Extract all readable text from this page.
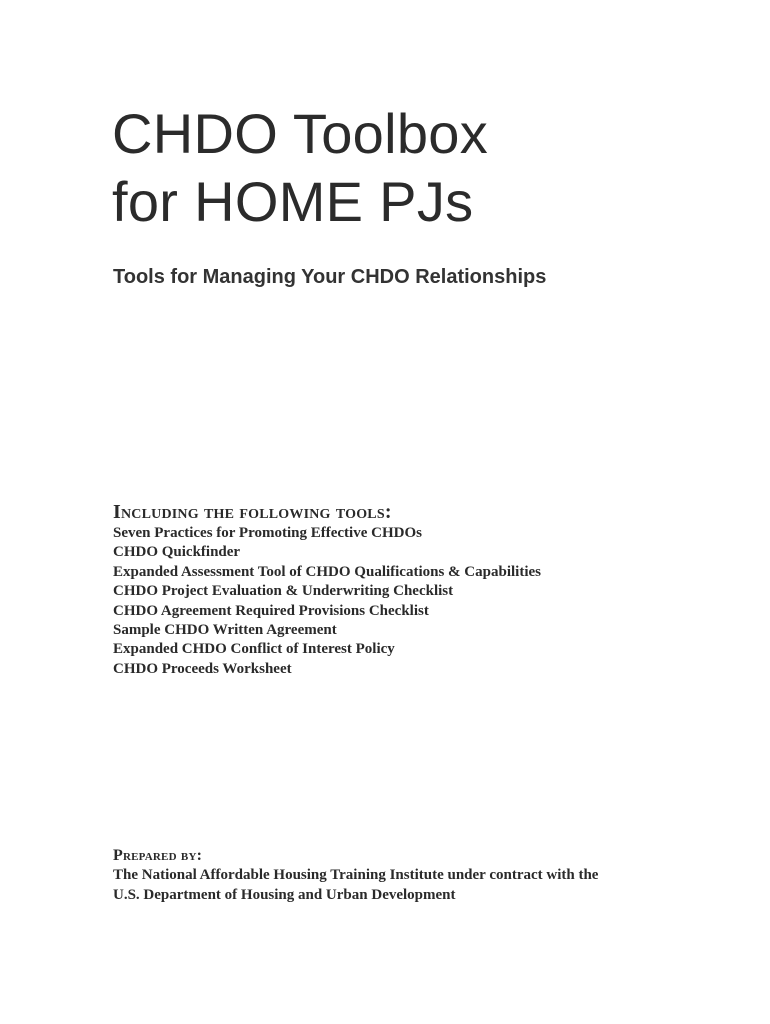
CHDO Toolbox
for HOME PJs
Tools for Managing Your CHDO Relationships
Including the following tools:
Seven Practices for Promoting Effective CHDOs
CHDO Quickfinder
Expanded Assessment Tool of CHDO Qualifications & Capabilities
CHDO Project Evaluation & Underwriting Checklist
CHDO Agreement Required Provisions Checklist
Sample CHDO Written Agreement
Expanded CHDO Conflict of Interest Policy
CHDO Proceeds Worksheet
Prepared by:

The National Affordable Housing Training Institute under contract with the

U.S. Department of Housing and Urban Development
